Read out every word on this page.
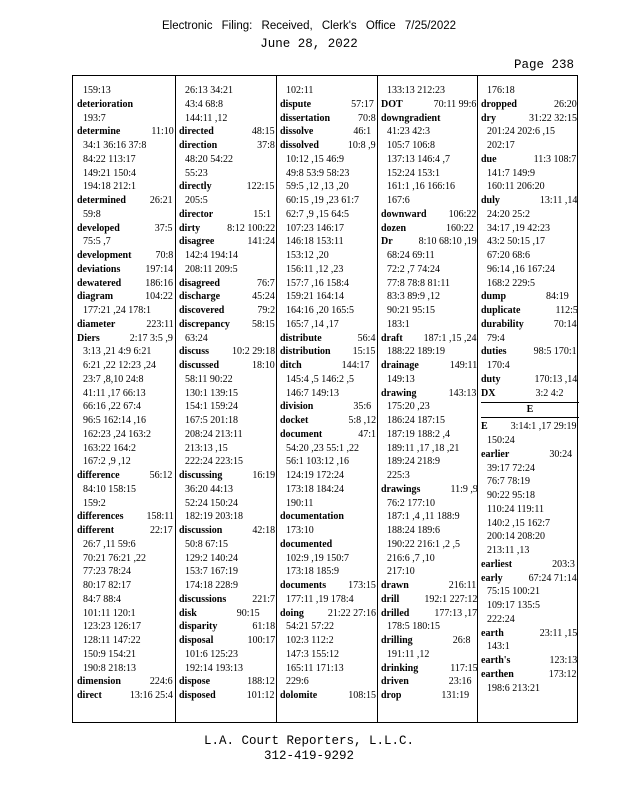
Electronic Filing: Received, Clerk's Office 7/25/2022
June 28, 2022
Page 238
159:13
deterioration
193:7
determine	11:10
34:1 36:16 37:8
84:22 113:17
149:21 150:4
194:18 212:1
determined 26:21
59:8
developed	37:5
75:5 ,7
development 70:8
deviations	197:14
dewatered 186:16
diagram	104:22
177:21 ,24 178:1
diameter	223:11
Diers	2:17 3:5 ,9
3:13 ,21 4:9 6:21
6:21 ,22 12:23 ,24
23:7 ,8,10 24:8
41:11 ,17 66:13
66:16 ,22 67:4
96:5 162:14 ,16
162:23 ,24 163:2
163:22 164:2
167:2 ,9 ,12
difference	56:12
84:10 158:15
159:2
differences 158:11
different	22:17
26:7 ,11 59:6
70:21 76:21 ,22
77:23 78:24
80:17 82:17
84:7 88:4
101:11 120:1
123:23 126:17
128:11 147:22
150:9 154:21
190:8 218:13
dimension	224:6
direct	13:16 25:4
26:13 34:21
43:4 68:8
144:11 ,12
directed	48:15
direction	37:8
48:20 54:22
55:23
directly	122:15
205:5
director	15:1
dirty	8:12 100:22
disagree	141:24
142:4 194:14
208:11 209:5
disagreed	76:7
discharge	45:24
discovered	79:2
discrepancy 58:15
63:24
discuss 10:2 29:18
discussed	18:10
58:11 90:22
130:1 139:15
154:1 159:24
167:5 201:18
208:24 213:11
213:13 ,15
222:24 223:15
discussing	16:19
36:20 44:13
52:24 150:24
182:19 203:18
discussion	42:18
50:8 67:15
129:2 140:24
153:7 167:19
174:18 228:9
discussions	221:7
disk	90:15
disparity	61:18
disposal	100:17
101:6 125:23
192:14 193:13
dispose	188:12
disposed	101:12
102:11
dispute	57:17
dissertation	70:8
dissolve	46:1
dissolved	10:8 ,9
10:12 ,15 46:9
49:8 53:9 58:23
59:5 ,12 ,13 ,20
60:15 ,19 ,23 61:7
62:7 ,9 ,15 64:5
107:23 146:17
146:18 153:11
153:12 ,20
156:11 ,12 ,23
157:7 ,16 158:4
159:21 164:14
164:16 ,20 165:5
165:7 ,14 ,17
distribute	56:4
distribution 15:15
ditch	144:17
145:4 ,5 146:2 ,5
146:7 149:13
division	35:6
docket	5:8 ,12
document	47:1
54:20 ,23 55:1 ,22
56:1 103:12 ,16
124:19 172:24
173:18 184:24
190:11
documentation
173:10
documented
102:9 ,19 150:7
173:18 185:9
documents 173:15
177:11 ,19 178:4
doing 21:22 27:16
54:21 57:22
102:3 112:2
147:3 155:12
165:11 171:13
229:6
dolomite	108:15
133:13 212:23
DOT	70:11 99:6
downgradient
41:23 42:3
105:7 106:8
137:13 146:4 ,7
152:24 153:1
161:1 ,16 166:16
167:6
downward 106:22
dozen	160:22
Dr	8:10 68:10 ,19
68:24 69:11
72:2 ,7 74:24
77:8 78:8 81:11
83:3 89:9 ,12
90:21 95:15
183:1
draft 187:1 ,15 ,24
188:22 189:19
drainage	149:11
149:13
drawing	143:13
175:20 ,23
186:24 187:15
187:19 188:2 ,4
189:11 ,17 ,18 ,21
189:24 218:9
225:3
drawings	11:9 ,9
76:2 177:10
187:1 ,4 ,11 188:9
188:24 189:6
190:22 216:1 ,2 ,5
216:6 ,7 ,10
217:10
drawn	216:11
drill	192:1 227:12
drilled	177:13 ,17
178:5 180:15
drilling	26:8
191:11 ,12
drinking	117:15
driven	23:16
drop	131:19
176:18
dropped	26:20
dry	31:22 32:15
201:24 202:6 ,15
202:17
due	11:3 108:7
141:7 149:9
160:11 206:20
duly	13:11 ,14
24:20 25:2
34:17 ,19 42:23
43:2 50:15 ,17
67:20 68:6
96:14 ,16 167:24
168:2 229:5
dump	84:19
duplicate	112:5
durability	70:14
79:4
duties	98:5 170:1
170:4
duty	170:13 ,14
DX	3:2 4:2
E
E 3:14:1 ,17 29:19
150:24
earlier	30:24
39:17 72:24
76:7 78:19
90:22 95:18
110:24 119:11
140:2 ,15 162:7
200:14 208:20
213:11 ,13
earliest	203:3
early	67:24 71:14
75:15 100:21
109:17 135:5
222:24
earth	23:11 ,15
143:1
earth's	123:13
earthen	173:12
198:6 213:21
L.A. Court Reporters, L.L.C.
312-419-9292
